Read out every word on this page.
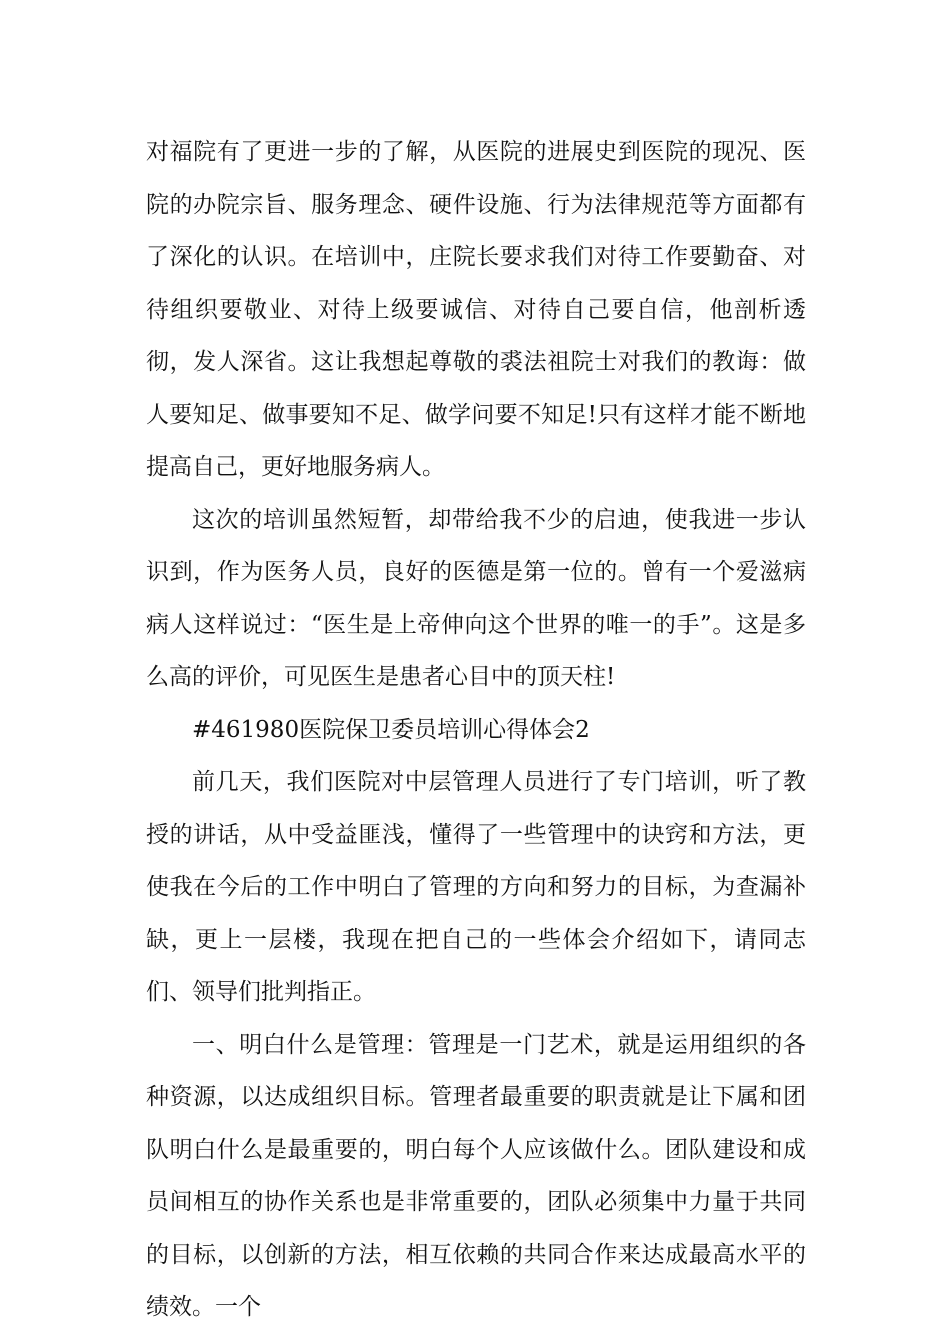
对福院有了更进一步的了解，从医院的进展史到医院的现况、医院的办院宗旨、服务理念、硬件设施、行为法律规范等方面都有了深化的认识。在培训中，庄院长要求我们对待工作要勤奋、对待组织要敬业、对待上级要诚信、对待自己要自信，他剖析透彻，发人深省。这让我想起尊敬的裘法祖院士对我们的教诲：做人要知足、做事要知不足、做学问要不知足!只有这样才能不断地提高自己，更好地服务病人。

这次的培训虽然短暂，却带给我不少的启迪，使我进一步认识到，作为医务人员，良好的医德是第一位的。曾有一个爱滋病病人这样说过：“医生是上帝伸向这个世界的唯一的手”。这是多么高的评价，可见医生是患者心目中的顶天柱!

#461980医院保卫委员培训心得体会2

前几天，我们医院对中层管理人员进行了专门培训，听了教授的讲话，从中受益匪浅，懂得了一些管理中的诀窍和方法，更使我在今后的工作中明白了管理的方向和努力的目标，为查漏补缺，更上一层楼，我现在把自己的一些体会介绍如下，请同志们、领导们批判指正。

一、明白什么是管理：管理是一门艺术，就是运用组织的各种资源，以达成组织目标。管理者最重要的职责就是让下属和团队明白什么是最重要的，明白每个人应该做什么。团队建设和成员间相互的协作关系也是非常重要的，团队必须集中力量于共同的目标，以创新的方法，相互依赖的共同合作来达成最高水平的绩效。一个
